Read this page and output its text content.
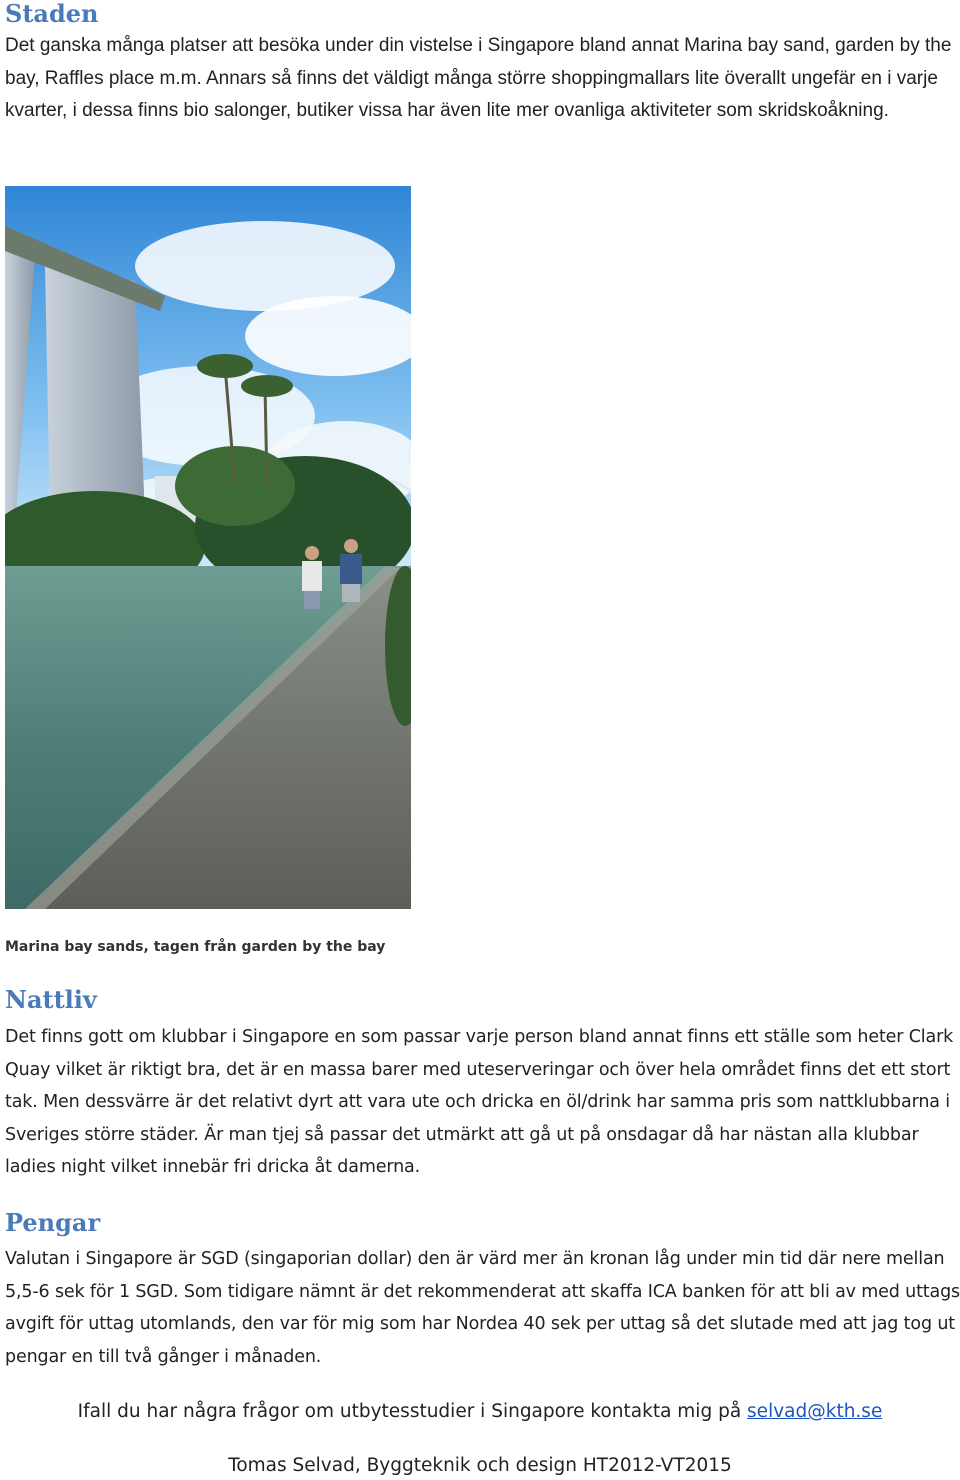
Staden

Det ganska många platser att besöka under din vistelse i Singapore bland annat Marina bay sand, garden by the bay, Raffles place m.m. Annars så finns det väldigt många större shoppingmallars lite överallt ungefär en i varje kvarter, i dessa finns bio salonger, butiker vissa har även lite mer ovanliga aktiviteter som skridskoåkning.

Marina bay sands, tagen från garden by the bay

Nattliv

Det finns gott om klubbar i Singapore en som passar varje person bland annat finns ett ställe som heter Clark Quay vilket är riktigt bra, det är en massa barer med uteserveringar och över hela området finns det ett stort tak. Men dessvärre är det relativt dyrt att vara ute och dricka en öl/drink har samma pris som nattklubbarna i Sveriges större städer. Är man tjej så passar det utmärkt att gå ut på onsdagar då har nästan alla klubbar ladies night vilket innebär fri dricka åt damerna.

Pengar

Valutan i Singapore är SGD (singaporian dollar) den är värd mer än kronan låg under min tid där nere mellan 5,5-6 sek för 1 SGD. Som tidigare nämnt är det rekommenderat att skaffa ICA banken för att bli av med uttags avgift för uttag utomlands, den var för mig som har Nordea 40 sek per uttag så det slutade med att jag tog ut pengar en till två gånger i månaden.

Ifall du har några frågor om utbytesstudier i Singapore kontakta mig på selvad@kth.se

Tomas Selvad, Byggteknik och design HT2012-VT2015
